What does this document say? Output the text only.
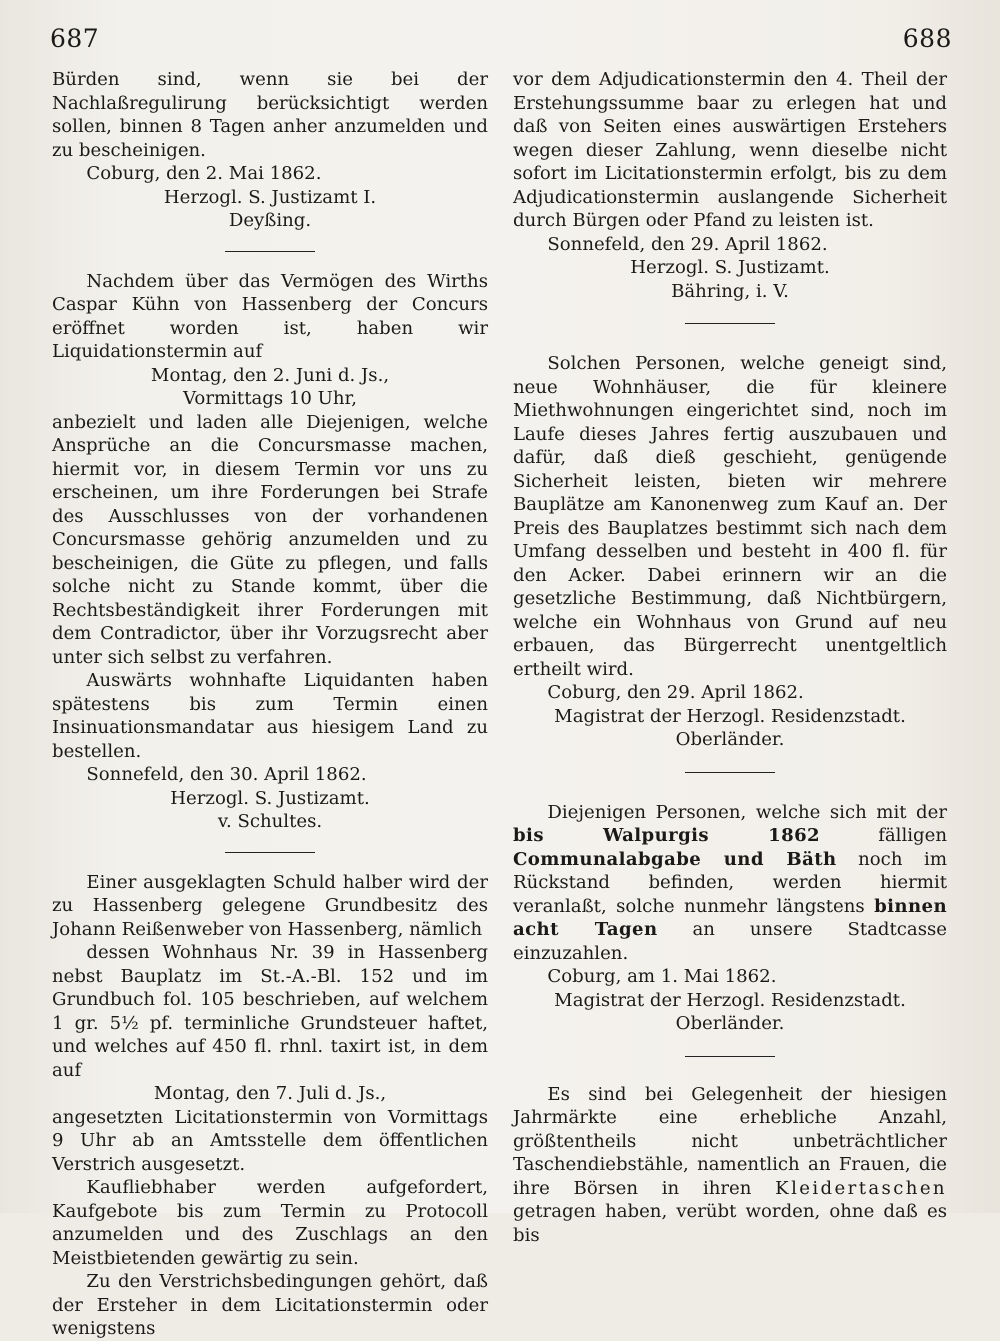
687	688

Bürden sind, wenn sie bei der Nachlaßregulirung berücksichtigt werden sollen, binnen 8 Tagen anher anzumelden und zu bescheinigen.

Coburg, den 2. Mai 1862.

Herzogl. S. Justizamt I.

Deyßing.

Nachdem über das Vermögen des Wirths Caspar Kühn von Hassenberg der Concurs eröffnet worden ist, haben wir Liquidationstermin auf

Montag, den 2. Juni d. Js.,

Vormittags 10 Uhr,

anbezielt und laden alle Diejenigen, welche Ansprüche an die Concursmasse machen, hiermit vor, in diesem Termin vor uns zu erscheinen, um ihre Forderungen bei Strafe des Ausschlusses von der vorhandenen Concursmasse gehörig anzumelden und zu bescheinigen, die Güte zu pflegen, und falls solche nicht zu Stande kommt, über die Rechtsbeständigkeit ihrer Forderungen mit dem Contradictor, über ihr Vorzugsrecht aber unter sich selbst zu verfahren.

Auswärts wohnhafte Liquidanten haben spätestens bis zum Termin einen Insinuationsmandatar aus hiesigem Land zu bestellen.

Sonnefeld, den 30. April 1862.

Herzogl. S. Justizamt.

v. Schultes.

Einer ausgeklagten Schuld halber wird der zu Hassenberg gelegene Grundbesitz des Johann Reißenweber von Hassenberg, nämlich

dessen Wohnhaus Nr. 39 in Hassenberg nebst Bauplatz im St.-A.-Bl. 152 und im Grundbuch fol. 105 beschrieben, auf welchem 1 gr. 5½ pf. terminliche Grundsteuer haftet, und welches auf 450 fl. rhnl. taxirt ist, in dem auf

Montag, den 7. Juli d. Js.,

angesetzten Licitationstermin von Vormittags 9 Uhr ab an Amtsstelle dem öffentlichen Verstrich ausgesetzt.

Kaufliebhaber werden aufgefordert, Kaufgebote bis zum Termin zu Protocoll anzumelden und des Zuschlags an den Meistbietenden gewärtig zu sein.

Zu den Verstrichsbedingungen gehört, daß der Ersteher in dem Licitationstermin oder wenigstens

vor dem Adjudicationstermin den 4. Theil der Erstehungssumme baar zu erlegen hat und daß von Seiten eines auswärtigen Erstehers wegen dieser Zahlung, wenn dieselbe nicht sofort im Licitationstermin erfolgt, bis zu dem Adjudicationstermin auslangende Sicherheit durch Bürgen oder Pfand zu leisten ist.

Sonnefeld, den 29. April 1862.

Herzogl. S. Justizamt.

Bähring, i. V.

Solchen Personen, welche geneigt sind, neue Wohnhäuser, die für kleinere Miethwohnungen eingerichtet sind, noch im Laufe dieses Jahres fertig auszubauen und dafür, daß dieß geschieht, genügende Sicherheit leisten, bieten wir mehrere Bauplätze am Kanonenweg zum Kauf an. Der Preis des Bauplatzes bestimmt sich nach dem Umfang desselben und besteht in 400 fl. für den Acker. Dabei erinnern wir an die gesetzliche Bestimmung, daß Nichtbürgern, welche ein Wohnhaus von Grund auf neu erbauen, das Bürgerrecht unentgeltlich ertheilt wird.

Coburg, den 29. April 1862.

Magistrat der Herzogl. Residenzstadt.

Oberländer.

Diejenigen Personen, welche sich mit der bis Walpurgis 1862	fälligen Communalabgabe und Bäth noch im Rückstand befinden, werden hiermit veranlaßt, solche nunmehr längstens binnen acht Tagen an unsere Stadtcasse einzuzahlen.

Coburg, am 1. Mai 1862.

Magistrat der Herzogl. Residenzstadt.

Oberländer.

Es sind bei Gelegenheit der hiesigen Jahrmärkte eine erhebliche Anzahl, größtentheils nicht unbeträchtlicher Taschendiebstähle, namentlich an Frauen, die ihre Börsen in ihren Kleidertaschen getragen haben, verübt worden, ohne daß es bis
